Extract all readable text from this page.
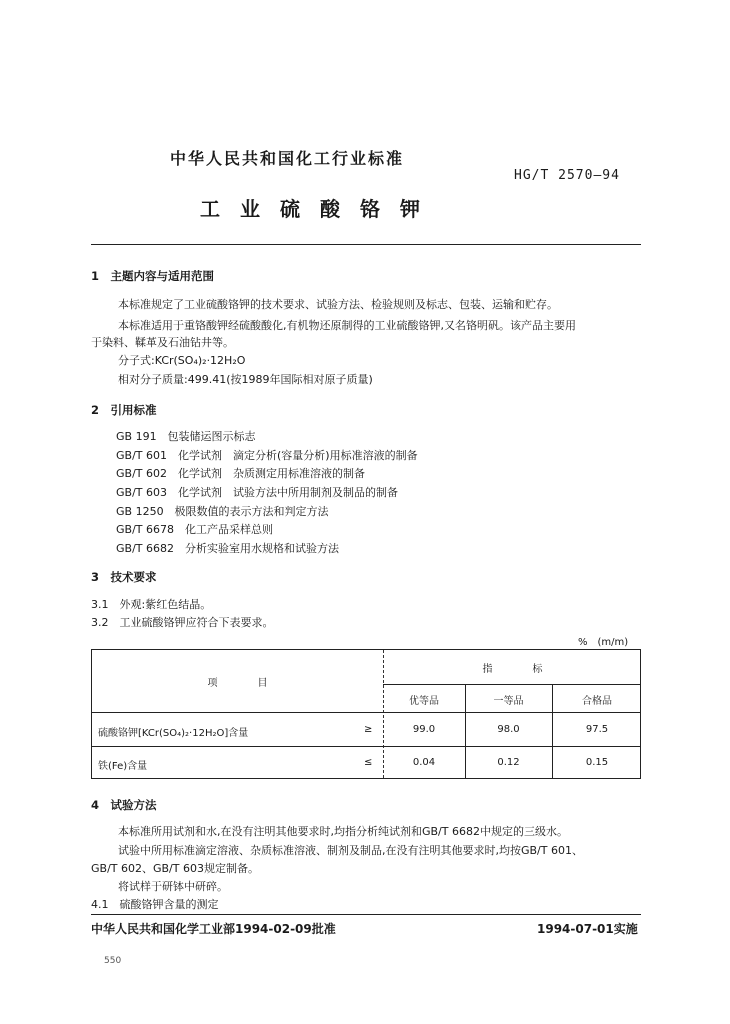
中华人民共和国化工行业标准
HG/T 2570—94
工业硫酸铬钾
1　主题内容与适用范围
本标准规定了工业硫酸铬钾的技术要求、试验方法、检验规则及标志、包装、运输和贮存。
本标准适用于重铬酸钾经硫酸酸化,有机物还原制得的工业硫酸铬钾,又名铬明矾。该产品主要用
于染料、鞣革及石油钻井等。
分子式:KCr(SO₄)₂·12H₂O
相对分子质量:499.41(按1989年国际相对原子质量)
2　引用标准
GB 191　包装储运图示标志
GB/T 601　化学试剂　滴定分析(容量分析)用标准溶液的制备
GB/T 602　化学试剂　杂质测定用标准溶液的制备
GB/T 603　化学试剂　试验方法中所用制剂及制品的制备
GB 1250　极限数值的表示方法和判定方法
GB/T 6678　化工产品采样总则
GB/T 6682　分析实验室用水规格和试验方法
3　技术要求
3.1　外观:紫红色结晶。
3.2　工业硫酸铬钾应符合下表要求。
%　(m/m)
项　　　　目
指　　　　标
优等品	一等品	合格品
硫酸铬钾[KCr(SO₄)₂·12H₂O]含量	≥	99.0	98.0	97.5
铁(Fe)含量	≤	0.04	0.12	0.15
4　试验方法
本标准所用试剂和水,在没有注明其他要求时,均指分析纯试剂和GB/T 6682中规定的三级水。
试验中所用标准滴定溶液、杂质标准溶液、制剂及制品,在没有注明其他要求时,均按GB/T 601、
GB/T 602、GB/T 603规定制备。
将试样于研钵中研碎。
4.1　硫酸铬钾含量的测定
中华人民共和国化学工业部1994-02-09批准	1994-07-01实施
550
